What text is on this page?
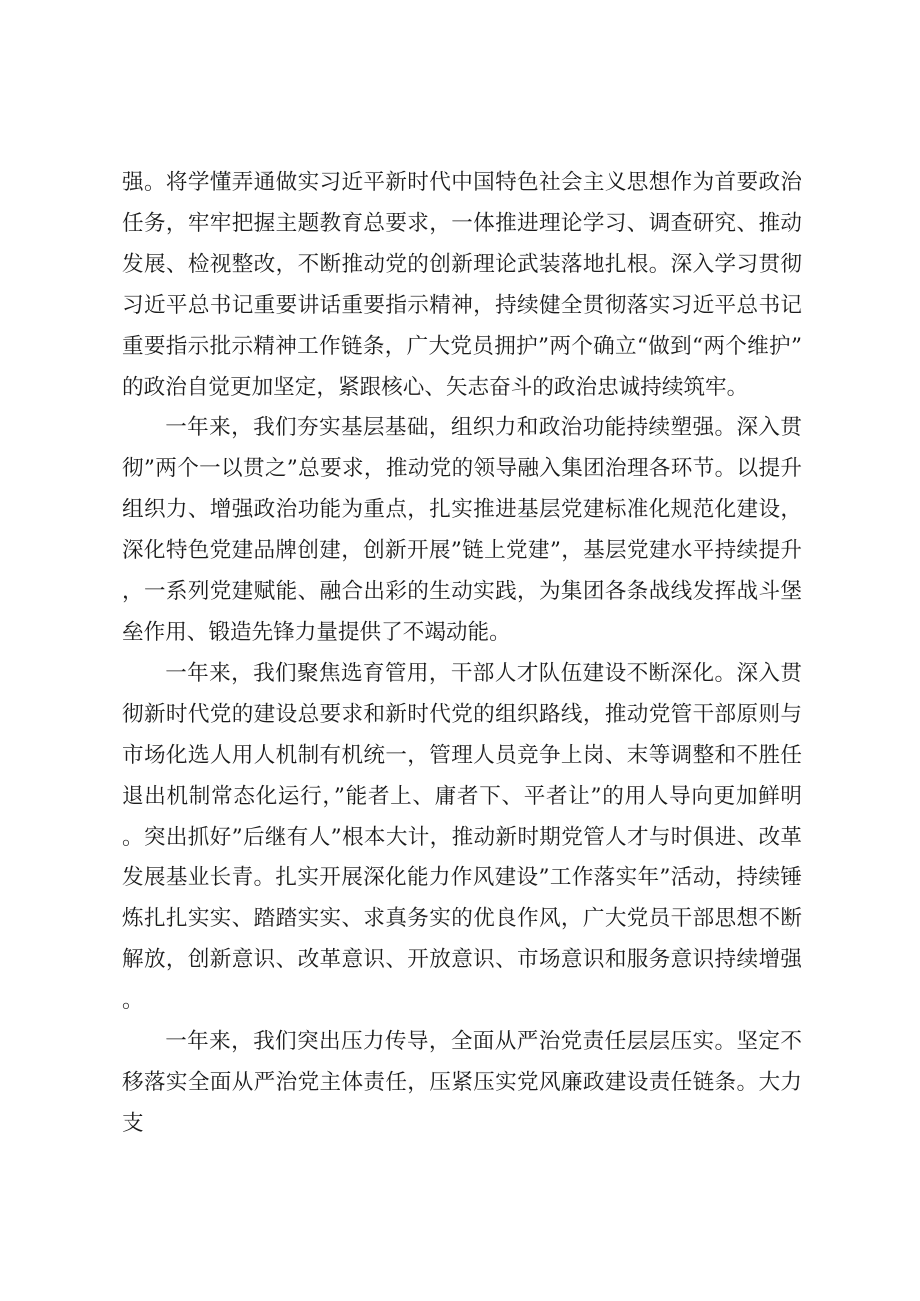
强。将学懂弄通做实习近平新时代中国特色社会主义思想作为首要政治任务，牢牢把握主题教育总要求，一体推进理论学习、调查研究、推动发展、检视整改，不断推动党的创新理论武装落地扎根。深入学习贯彻习近平总书记重要讲话重要指示精神，持续健全贯彻落实习近平总书记重要指示批示精神工作链条，广大党员拥护”两个确立“做到“两个维护”的政治自觉更加坚定，紧跟核心、矢志奋斗的政治忠诚持续筑牢。

一年来，我们夯实基层基础，组织力和政治功能持续塑强。深入贯彻”两个一以贯之”总要求，推动党的领导融入集团治理各环节。以提升组织力、增强政治功能为重点，扎实推进基层党建标准化规范化建设，深化特色党建品牌创建，创新开展”链上党建”，基层党建水平持续提升，一系列党建赋能、融合出彩的生动实践，为集团各条战线发挥战斗堡垒作用、锻造先锋力量提供了不竭动能。

一年来，我们聚焦选育管用，干部人才队伍建设不断深化。深入贯彻新时代党的建设总要求和新时代党的组织路线，推动党管干部原则与市场化选人用人机制有机统一，管理人员竞争上岗、末等调整和不胜任退出机制常态化运行，”能者上、庸者下、平者让”的用人导向更加鲜明。突出抓好”后继有人”根本大计，推动新时期党管人才与时俱进、改革发展基业长青。扎实开展深化能力作风建设”工作落实年”活动，持续锤炼扎扎实实、踏踏实实、求真务实的优良作风，广大党员干部思想不断解放，创新意识、改革意识、开放意识、市场意识和服务意识持续增强。

一年来，我们突出压力传导，全面从严治党责任层层压实。坚定不移落实全面从严治党主体责任，压紧压实党风廉政建设责任链条。大力支
